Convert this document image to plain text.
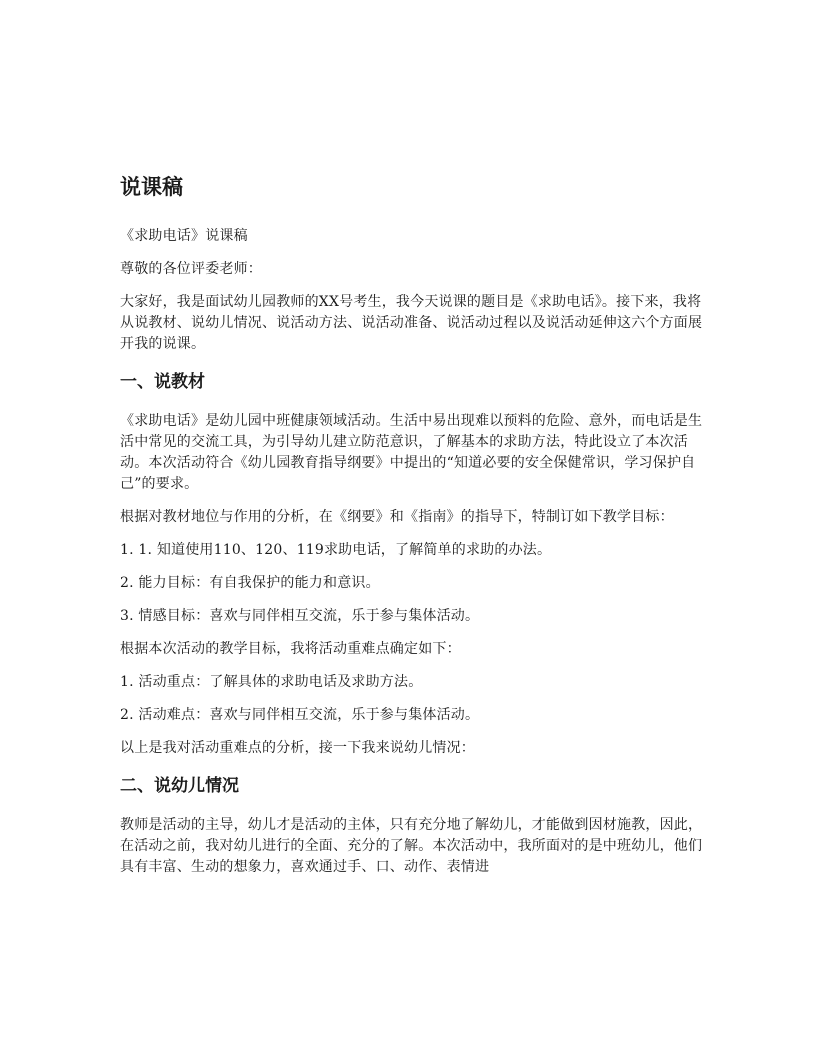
说课稿

《求助电话》说课稿

尊敬的各位评委老师：

大家好，我是面试幼儿园教师的XX号考生，我今天说课的题目是《求助电话》。接下来，我将从说教材、说幼儿情况、说活动方法、说活动准备、说活动过程以及说活动延伸这六个方面展开我的说课。

一、说教材

《求助电话》是幼儿园中班健康领域活动。生活中易出现难以预料的危险、意外，而电话是生活中常见的交流工具，为引导幼儿建立防范意识，了解基本的求助方法，特此设立了本次活动。本次活动符合《幼儿园教育指导纲要》中提出的“知道必要的安全保健常识，学习保护自己”的要求。

根据对教材地位与作用的分析，在《纲要》和《指南》的指导下，特制订如下教学目标：

1. 1. 知道使用110、120、119求助电话，了解简单的求助的办法。

2. 能力目标：有自我保护的能力和意识。

3. 情感目标：喜欢与同伴相互交流，乐于参与集体活动。

根据本次活动的教学目标，我将活动重难点确定如下：

1. 活动重点：了解具体的求助电话及求助方法。

2. 活动难点：喜欢与同伴相互交流，乐于参与集体活动。

以上是我对活动重难点的分析，接一下我来说幼儿情况：

二、说幼儿情况

教师是活动的主导，幼儿才是活动的主体，只有充分地了解幼儿，才能做到因材施教，因此，在活动之前，我对幼儿进行的全面、充分的了解。本次活动中，我所面对的是中班幼儿，他们具有丰富、生动的想象力，喜欢通过手、口、动作、表情进
